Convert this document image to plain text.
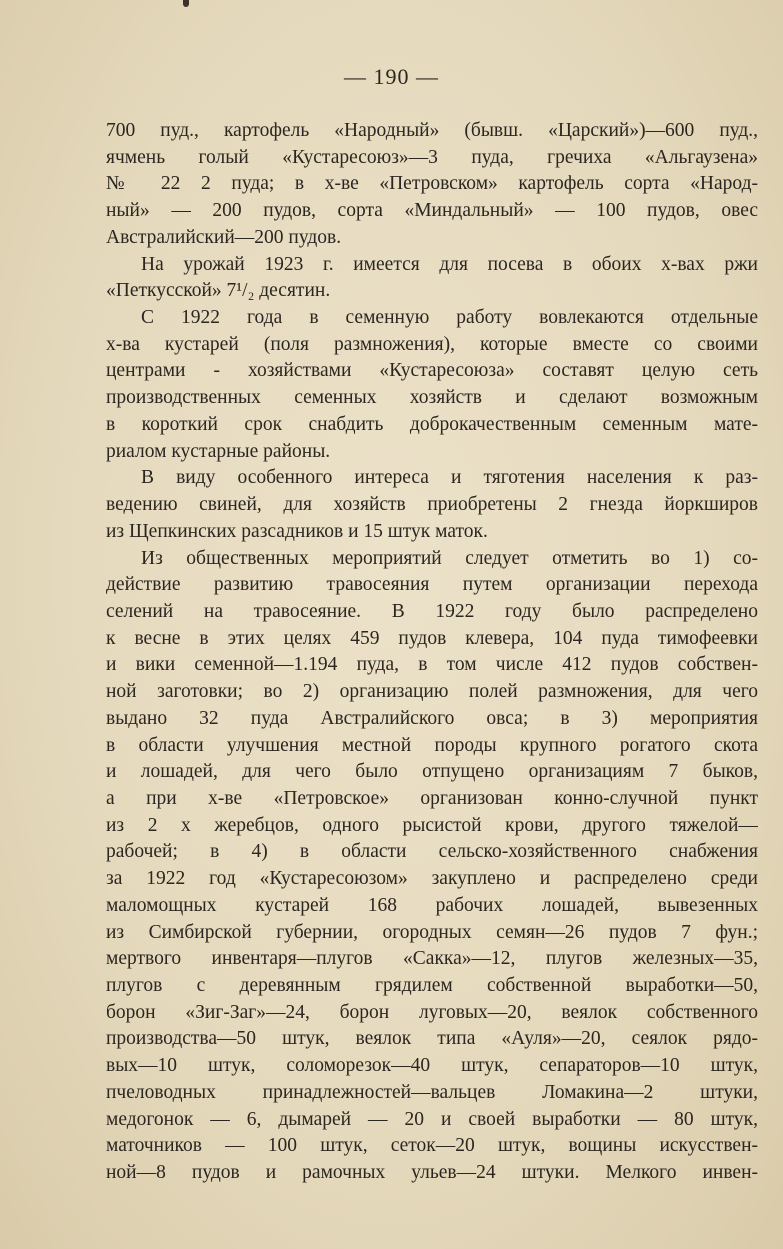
— 190 —
700 пуд., картофель «Народный» (бывш. «Царский»)—600 пуд.,
ячмень голый «Кустаресоюз»—3 пуда, гречиха «Альгаузена»
№ 22 2 пуда; в х-ве «Петровском» картофель сорта «Народ-
ный» — 200 пудов, сорта «Миндальный» — 100 пудов, овес
Австралийский—200 пудов.
На урожай 1923 г. имеется для посева в обоих х-вах ржи
«Петкусской» 7¹/₂ десятин.
С 1922 года в семенную работу вовлекаются отдельные
х-ва кустарей (поля размножения), которые вместе со своими
центрами - хозяйствами «Кустаресоюза» составят целую сеть
производственных семенных хозяйств и сделают возможным
в короткий срок снабдить доброкачественным семенным мате-
риалом кустарные районы.
В виду особенного интереса и тяготения населения к раз-
ведению свиней, для хозяйств приобретены 2 гнезда йоркширов
из Щепкинских разсадников и 15 штук маток.
Из общественных мероприятий следует отметить во 1) со-
действие развитию травосеяния путем организации перехода
селений на травосеяние. В 1922 году было распределено
к весне в этих целях 459 пудов клевера, 104 пуда тимофеевки
и вики семенной—1.194 пуда, в том числе 412 пудов собствен-
ной заготовки; во 2) организацию полей размножения, для чего
выдано 32 пуда Австралийского овса; в 3) мероприятия
в области улучшения местной породы крупного рогатого скота
и лошадей, для чего было отпущено организациям 7 быков,
а при х-ве «Петровское» организован конно-случной пункт
из 2 х жеребцов, одного рысистой крови, другого тяжелой—
рабочей; в 4) в области сельско-хозяйственного снабжения
за 1922 год «Кустаресоюзом» закуплено и распределено среди
маломощных кустарей 168 рабочих лошадей, вывезенных
из Симбирской губернии, огородных семян—26 пудов 7 фун.;
мертвого инвентаря—плугов «Сакка»—12, плугов железных—35,
плугов с деревянным грядилем собственной выработки—50,
борон «Зиг-Заг»—24, борон луговых—20, веялок собственного
производства—50 штук, веялок типа «Ауля»—20, сеялок рядо-
вых—10 штук, соломорезок—40 штук, сепараторов—10 штук,
пчеловодных принадлежностей—вальцев Ломакина—2 штуки,
медогонок — 6, дымарей — 20 и своей выработки — 80 штук,
маточников — 100 штук, сеток—20 штук, вощины искусствен-
ной—8 пудов и рамочных ульев—24 штуки. Мелкого инвен-
